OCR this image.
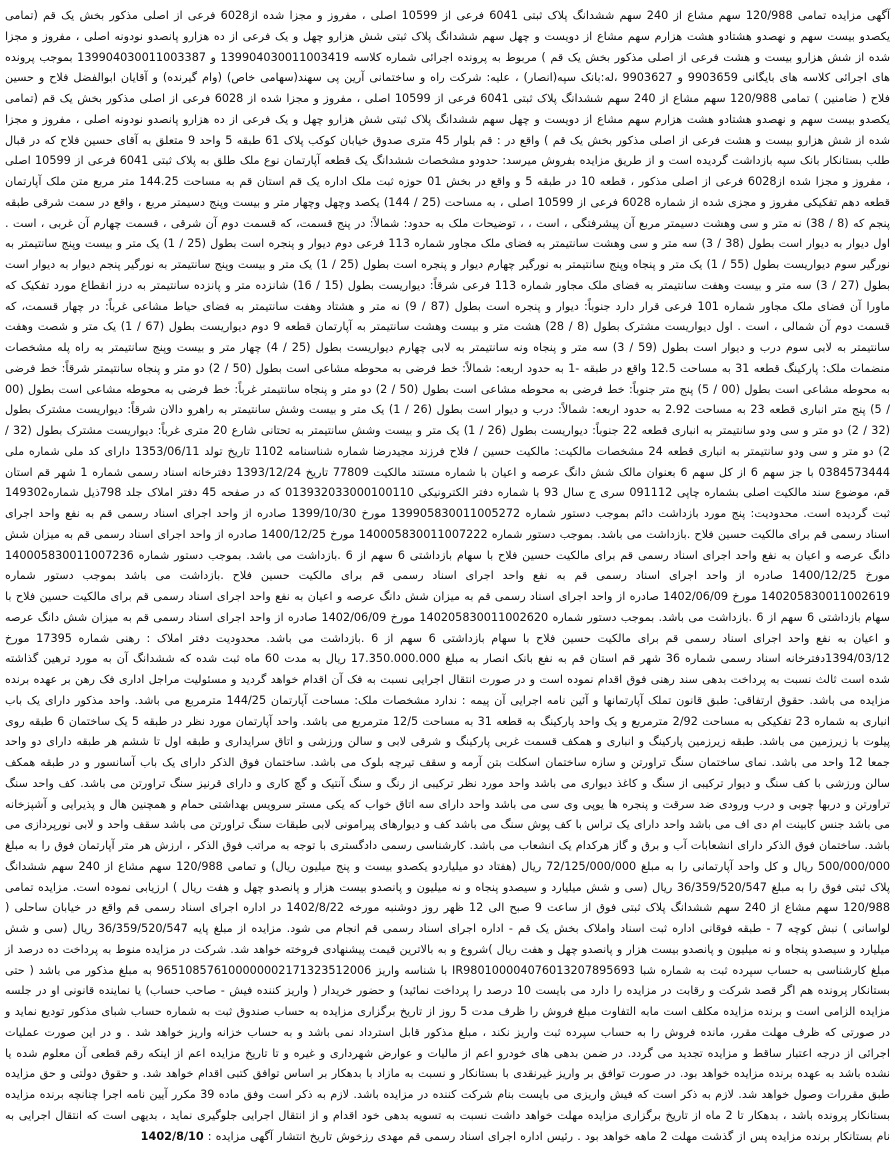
آگهی مزایده تمامی 120/988 سهم مشاع از 240 سهم ششدانگ پلاک ثبتی 6041 فرعی از 10599 اصلی ، مفروز و مجزا شده از6028 فرعی از اصلی مذکور بخش یک قم (تمامی یکصدو بیست سهم و نهصدو هشتادو هشت هزارم سهم مشاع از دویست و چهل سهم ششدانگ پلاک ثبتی شش هزارو چهل و یک فرعی از ده هزارو پانصدو نودونه اصلی ، مفروز و مجزا شده از شش هزارو بیست و هشت فرعی از اصلی مذکور بخش یک قم ) مربوط به پرونده اجرائی شماره کلاسه 139904030011003419 و 139904030011003387 بموجب پرونده های اجرائی کلاسه های بایگانی 9903659 و 9903627 ،له:بانک سپه(انصار) ، علیه: شرکت راه و ساختمانی آرین پی سهند(سهامی خاص) (وام گیرنده) و آقایان ابوالفضل فلاح و حسین فلاح ( ضامنین ) تمامی 120/988 سهم مشاع از 240 سهم ششدانگ پلاک ثبتی 6041 فرعی از 10599 اصلی ، مفروز و مجزا شده از 6028 فرعی از اصلی مذکور بخش یک قم (تمامی یکصدو بیست سهم و نهصدو هشتادو هشت هزارم سهم مشاع از دویست و چهل سهم ششدانگ پلاک ثبتی شش هزارو چهل و یک فرعی از ده هزارو پانصدو نودونه اصلی ، مفروز و مجزا شده از شش هزارو بیست و هشت فرعی از اصلی مذکور بخش یک قم ) واقع در : قم بلوار 45 متری صدوق خیابان کوکب پلاک 61 طبقه 5 واحد 9 متعلق به آقای حسین فلاح که در قبال طلب بستانکار بانک سپه بازداشت گردیده است و از طریق مزایده بفروش میرسد: حدودو مشخصات ششدانگ یک قطعه آپارتمان نوع ملک طلق به پلاک ثبتی 6041 فرعی از 10599 اصلی ، مفروز و مجزا شده از6028 فرعی از اصلی مذکور ، قطعه 10 در طبقه 5 و واقع در بخش 01 حوزه ثبت ملک اداره یک قم استان قم به مساحت 144.25 متر مربع متن ملک آپارتمان قطعه دهم تفکیکی مفروز و مجزی شده از شماره 6028 فرعی از 10599 اصلی ، به مساحت (25 / 144) یکصد وچهل وچهار متر و بیست وپنج دسیمتر مربع ، واقع در سمت شرقی طبقه پنجم که (8 / 38) نه متر و سی وهشت دسیمتر مربع آن پیشرفتگی ، است ، ، توضیحات ملک به حدود: شمالاً: در پنج قسمت، که قسمت دوم آن شرقی ، قسمت چهارم آن غربی ، است . اول دیوار به دیوار است بطول (38 / 3) سه متر و سی وهشت سانتیمتر به فضای ملک مجاور شماره 113 فرعی دوم دیوار و پنجره است بطول (25 / 1) یک متر و بیست وپنج سانتیمتر به نورگیر سوم دیواریست بطول (55 / 1) یک متر و پنجاه وپنج سانتیمتر به نورگیر چهارم دیوار و پنجره است بطول (25 / 1) یک متر و بیست وپنج سانتیمتر به نورگیر پنجم دیوار به دیوار است بطول (27 / 3) سه متر و بیست وهفت سانتیمتر به فضای ملک مجاور شماره 113 فرعی شرقاً: دیواریست بطول (15 / 16) شانزده متر و پانزده سانتیمتر به درز انقطاع مورد تفکیک که ماورا آن فضای ملک مجاور شماره 101 فرعی قرار دارد جنوباً: دیوار و پنجره است بطول (87 / 9) نه متر و هشتاد وهفت سانتیمتر به فضای حیاط مشاعی غرباً: در چهار قسمت، که قسمت دوم آن شمالی ، است . اول دیواریست مشترک بطول (8 / 28) هشت متر و بیست وهشت سانتیمتر به آپارتمان قطعه 9 دوم دیواریست بطول (67 / 1) یک متر و شصت وهفت سانتیمتر به لابی سوم درب و دیوار است بطول (59 / 3) سه متر و پنجاه ونه سانتیمتر به لابی چهارم دیواریست بطول (25 / 4) چهار متر و بیست وپنج سانتیمتر به راه پله مشخصات منضمات ملک: پارکینگ قطعه 31 به مساحت 12.5 واقع در طبقه -1 به حدود اربعه: شمالاً: خط فرضی به محوطه مشاعی است بطول (50 / 2) دو متر و پنجاه سانتیمتر شرقاً: خط فرضی به محوطه مشاعی است بطول (00 / 5) پنج متر جنوباً: خط فرضی به محوطه مشاعی است بطول (50 / 2) دو متر و پنجاه سانتیمتر غرباً: خط فرضی به محوطه مشاعی است بطول (00 / 5) پنج متر انباری قطعه 23 به مساحت 2.92 به حدود اربعه: شمالاً: درب و دیوار است بطول (26 / 1) یک متر و بیست وشش سانتیمتر به راهرو دالان شرقاً: دیواریست مشترک بطول (32 / 2) دو متر و سی ودو سانتیمتر به انباری قطعه 22 جنوباً: دیواریست بطول (26 / 1) یک متر و بیست وشش سانتیمتر به تحتانی شارع 20 متری غرباً: دیواریست مشترک بطول (32 / 2) دو متر و سی ودو سانتیمتر به انباری قطعه 24 مشخصات مالکیت: مالکیت حسین / فلاح فرزند مجیدرضا شماره شناسنامه 1102 تاریخ تولد 1353/06/11 دارای کد ملی شماره ملی 0384573444 با جز سهم 6 از کل سهم 6 بعنوان مالک شش دانگ عرصه و اعیان با شماره مستند مالکیت 77809 تاریخ 1393/12/24 دفترخانه اسناد رسمی شماره 1 شهر قم استان قم، موضوع سند مالکیت اصلی بشماره چاپی 091112 سری ج سال 93 با شماره دفتر الکترونیکی 013932033000100110 که در صفحه 45 دفتر املاک جلد 798ذیل شماره149302 ثبت گردیده است. محدودیت: پنج مورد بازداشت دائم بموجب دستور شماره 139905830011005272 مورخ 1399/10/30 صادره از واحد اجرای اسناد رسمی قم به نفع واحد اجرای اسناد رسمی قم برای مالکیت حسین فلاح .بازداشت می باشد. بموجب دستور شماره 140005830011007222 مورخ 1400/12/25 صادره از واحد اجرای اسناد رسمی قم به میزان شش دانگ عرصه و اعیان به نفع واحد اجرای اسناد رسمی قم برای مالکیت حسین فلاح با سهام بازداشتی 6 سهم از 6 .بازداشت می باشد. بموجب دستور شماره 140005830011007236 مورخ 1400/12/25 صادره از واحد اجرای اسناد رسمی قم به نفع واحد اجرای اسناد رسمی قم برای مالکیت حسین فلاح .بازداشت می باشد بموجب دستور شماره 140205830011002619 مورخ 1402/06/09 صادره از واحد اجرای اسناد رسمی قم به میزان شش دانگ عرصه و اعیان به نفع واحد اجرای اسناد رسمی قم برای مالکیت حسین فلاح با سهام بازداشتی 6 سهم از 6 .بازداشت می باشد. بموجب دستور شماره 140205830011002620 مورخ 1402/06/09 صادره از واحد اجرای اسناد رسمی قم به میزان شش دانگ عرصه و اعیان به نفع واحد اجرای اسناد رسمی قم برای مالکیت حسین فلاح با سهام بازداشتی 6 سهم از 6 .بازداشت می باشد. محدودیت دفتر املاک : رهنی شماره 17395 مورخ 1394/03/12دفترخانه اسناد رسمی شماره 36 شهر قم استان قم به نفع بانک انصار به مبلغ 17.350.000.000 ریال به مدت 60 ماه ثبت شده که ششدانگ آن به مورد ترهین گذاشته شده است ثالث نسبت به پرداخت بدهی سند رهنی فوق اقدام نموده است و در صورت انتقال اجرایی نسبت به فک آن اقدام خواهد گردید و مسئولیت مراجل اداری فک رهن بر عهده برنده مزایده می باشد. حقوق ارتفاقی: طبق قانون تملک آپارتمانها و آئین نامه اجرایی آن پیمه : ندارد مشخصات ملک: مساحت آپارتمان 144/25 مترمربع می باشد. واحد مذکور دارای یک باب انباری به شماره 23 تفکیکی به مساحت 2/92 مترمربع و یک واحد پارکینگ به قطعه 31 به مساحت 12/5 مترمربع می باشد. واحد آپارتمان مورد نظر در طبقه 5 یک ساختمان 6 طبقه روی پیلوت با زیرزمین می باشد. طبقه زیرزمین پارکینگ و انباری و همکف قسمت غربی پارکینگ و شرقی لابی و سالن ورزشی و اتاق سرایداری و طبقه اول تا ششم هر طبقه دارای دو واحد جمعا 12 واحد می باشد. نمای ساختمان سنگ تراورتن و سازه ساختمان اسکلت بتن آرمه و سقف تیرچه بلوک می باشد. ساختمان فوق الذکر دارای یک باب آسانسور و در طبقه همکف سالن ورزشی با کف سنگ و دیوار ترکیبی از سنگ و کاغذ دیواری می باشد واحد مورد نظر ترکیبی از رنگ و سنگ آنتیک و گچ کاری و دارای قرنیز سنگ تراورتن می باشد. کف واحد سنگ تراورتن و دربها چوبی و درب ورودی ضد سرقت و پنجره ها یوپی وی سی می باشد واحد دارای سه اتاق خواب که یکی مستر سرویس بهداشتی حمام و همچنین هال و پذیرایی و آشپزخانه می باشد جنس کابینت ام دی اف می باشد واحد دارای یک تراس با کف پوش سنگ می باشد کف و دیوارهای پیرامونی لابی طبقات سنگ تراورتن می باشد سقف واحد و لابی نورپردازی می باشد. ساختمان فوق الذکر دارای انشعابات آب و برق و گاز هرکدام یک انشعاب می باشد. کارشناسی رسمی دادگستری با توجه به مراتب فوق الذکر ، ارزش هر متر آپارتمان فوق را به مبلغ 500/000/000 ریال و کل واحد آپارتمانی را به مبلغ 72/125/000/000 ریال (هفتاد دو میلیاردو یکصدو بیست و پنج میلیون ریال) و تمامی 120/988 سهم مشاع از 240 سهم ششدانگ پلاک ثبتی فوق را به مبلغ 36/359/520/547 ریال (سی و شش میلیارد و سیصدو پنجاه و نه میلیون و پانصدو بیست هزار و پانصدو چهل و هفت ریال ) ارزیابی نموده است. مزایده تمامی 120/988 سهم مشاع از 240 سهم ششدانگ پلاک ثبتی فوق از ساعت 9 صبح الی 12 ظهر روز دوشنبه مورخه 1402/8/22 در اداره اجرای اسناد رسمی قم واقع در خیابان ساحلی ( لواسانی ) نبش کوچه 7 - طبقه فوقانی اداره ثبت اسناد واملاک بخش یک قم - اداره اجرای اسناد رسمی قم انجام می شود. مزایده از مبلغ پایه 36/359/520/547 ریال (سی و شش میلیارد و سیصدو پنجاه و نه میلیون و پانصدو بیست هزار و پانصدو چهل و هفت ریال )شروع و به بالاترین قیمت پیشنهادی فروخته خواهد شد. شرکت در مزایده منوط به پرداخت ده درصد از مبلغ کارشناسی به حساب سپرده ثبت به شماره شبا IR980100004076013207895693 با شناسه واریز 965108576100000002171323512006 به مبلغ مذکور می باشد ( حتی بستانکار پرونده هم اگر قصد شرکت و رقابت در مزایده را دارد می بایست 10 درصد را پرداخت نمائید) و حضور خریدار ( واریز کننده فیش - صاحب حساب) یا نماینده قانونی او در جلسه مزایده الزامی است و برنده مزایده مکلف است مابه التفاوت مبلغ فروش را ظرف مدت 5 روز از تاریخ برگزاری مزایده به حساب صندوق ثبت به شماره حساب شبای مذکور تودیع نماید و در صورتی که ظرف مهلت مقرر، مانده فروش را به حساب سپرده ثبت واریز نکند ، مبلغ مذکور قابل استرداد نمی باشد و به حساب خزانه واریز خواهد شد . و در این صورت عملیات اجرائی از درجه اعتبار ساقط و مزایده تجدید می گردد. در ضمن بدهی های خودرو اعم از مالیات و عوارض شهرداری و غیره و تا تاریخ مزایده اعم از اینکه رقم قطعی آن معلوم شده یا نشده باشد به عهده برنده مزایده خواهد بود. در صورت توافق بر واریز غیرنقدی با بستانکار و نسبت به مازاد با بدهکار بر اساس توافق کتبی اقدام خواهد شد. و حقوق دولتی و حق مزایده طبق مقررات وصول خواهد شد. لازم به ذکر است که فیش واریزی می بایست بنام شرکت کننده در مزایده باشد. لازم به ذکر است وفق ماده 39 مکرر آیین نامه اجرا چنانچه برنده مزایده بستانکار پرونده باشد ، بدهکار تا 2 ماه از تاریخ برگزاری مزایده مهلت خواهد داشت نسبت به تسویه بدهی خود اقدام و از انتقال اجرایی جلوگیری نماید ، بدیهی است که انتقال اجرایی به نام بستانکار برنده مزایده پس از گذشت مهلت 2 ماهه خواهد بود . رئیس اداره اجرای اسناد رسمی قم مهدی رزخوش تاریخ انتشار آگهی مزایده : 1402/8/10
